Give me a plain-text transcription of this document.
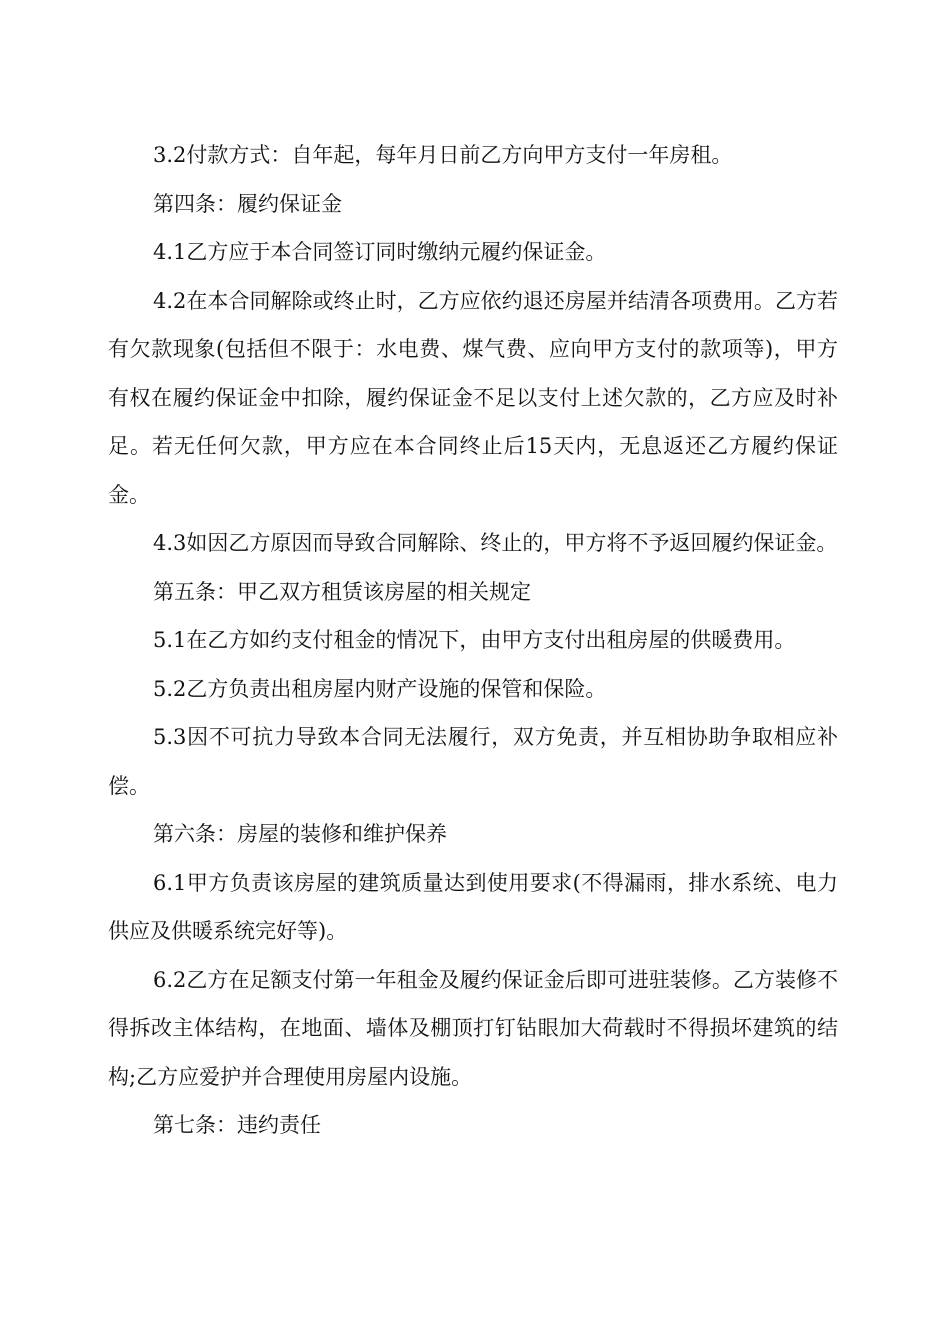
3.2付款方式：自年起，每年月日前乙方向甲方支付一年房租。

第四条：履约保证金

4.1乙方应于本合同签订同时缴纳元履约保证金。

4.2在本合同解除或终止时，乙方应依约退还房屋并结清各项费用。乙方若有欠款现象(包括但不限于：水电费、煤气费、应向甲方支付的款项等)，甲方有权在履约保证金中扣除，履约保证金不足以支付上述欠款的，乙方应及时补足。若无任何欠款，甲方应在本合同终止后15天内，无息返还乙方履约保证金。

4.3如因乙方原因而导致合同解除、终止的，甲方将不予返回履约保证金。

第五条：甲乙双方租赁该房屋的相关规定

5.1在乙方如约支付租金的情况下，由甲方支付出租房屋的供暖费用。

5.2乙方负责出租房屋内财产设施的保管和保险。

5.3因不可抗力导致本合同无法履行，双方免责，并互相协助争取相应补偿。

第六条：房屋的装修和维护保养

6.1甲方负责该房屋的建筑质量达到使用要求(不得漏雨，排水系统、电力供应及供暖系统完好等)。

6.2乙方在足额支付第一年租金及履约保证金后即可进驻装修。乙方装修不得拆改主体结构，在地面、墙体及棚顶打钉钻眼加大荷载时不得损坏建筑的结构;乙方应爱护并合理使用房屋内设施。

第七条：违约责任
